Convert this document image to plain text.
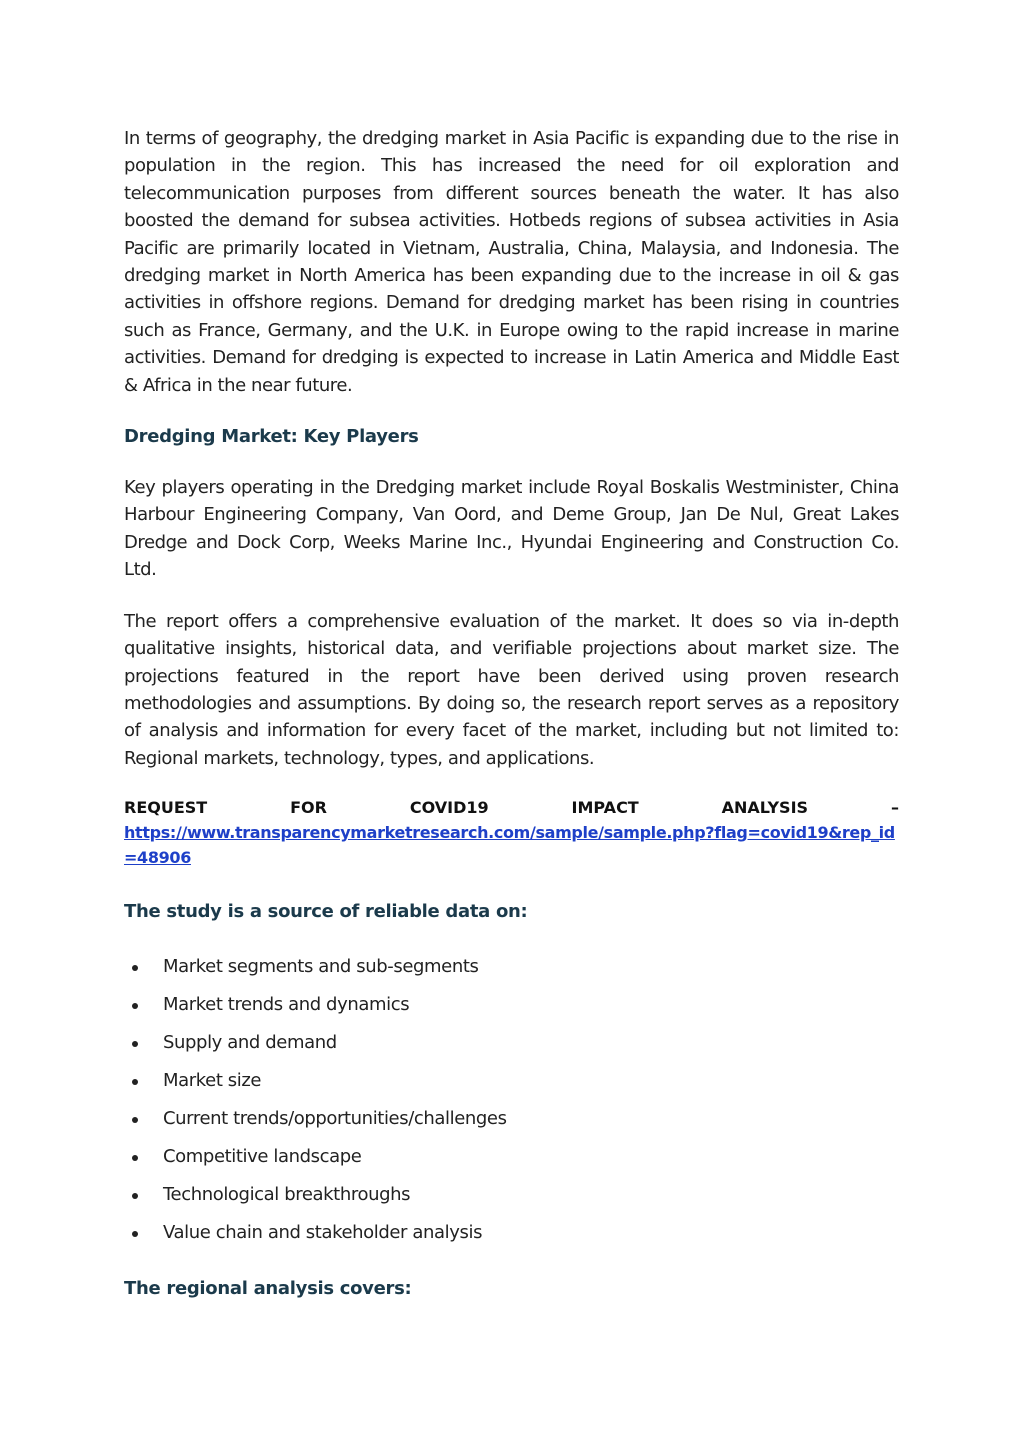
In terms of geography, the dredging market in Asia Pacific is expanding due to the rise in population in the region. This has increased the need for oil exploration and telecommunication purposes from different sources beneath the water. It has also boosted the demand for subsea activities. Hotbeds regions of subsea activities in Asia Pacific are primarily located in Vietnam, Australia, China, Malaysia, and Indonesia. The dredging market in North America has been expanding due to the increase in oil & gas activities in offshore regions. Demand for dredging market has been rising in countries such as France, Germany, and the U.K. in Europe owing to the rapid increase in marine activities. Demand for dredging is expected to increase in Latin America and Middle East & Africa in the near future.

Dredging Market: Key Players

Key players operating in the Dredging market include Royal Boskalis Westminister, China Harbour Engineering Company, Van Oord, and Deme Group, Jan De Nul, Great Lakes Dredge and Dock Corp, Weeks Marine Inc., Hyundai Engineering and Construction Co. Ltd.

The report offers a comprehensive evaluation of the market. It does so via in-depth qualitative insights, historical data, and verifiable projections about market size. The projections featured in the report have been derived using proven research methodologies and assumptions. By doing so, the research report serves as a repository of analysis and information for every facet of the market, including but not limited to: Regional markets, technology, types, and applications.

REQUEST	FOR	COVID19	IMPACT	ANALYSIS	–
https://www.transparencymarketresearch.com/sample/sample.php?flag=covid19&rep_id=48906
The study is a source of reliable data on:
Market segments and sub-segments
Market trends and dynamics
Supply and demand
Market size
Current trends/opportunities/challenges
Competitive landscape
Technological breakthroughs
Value chain and stakeholder analysis
The regional analysis covers:
